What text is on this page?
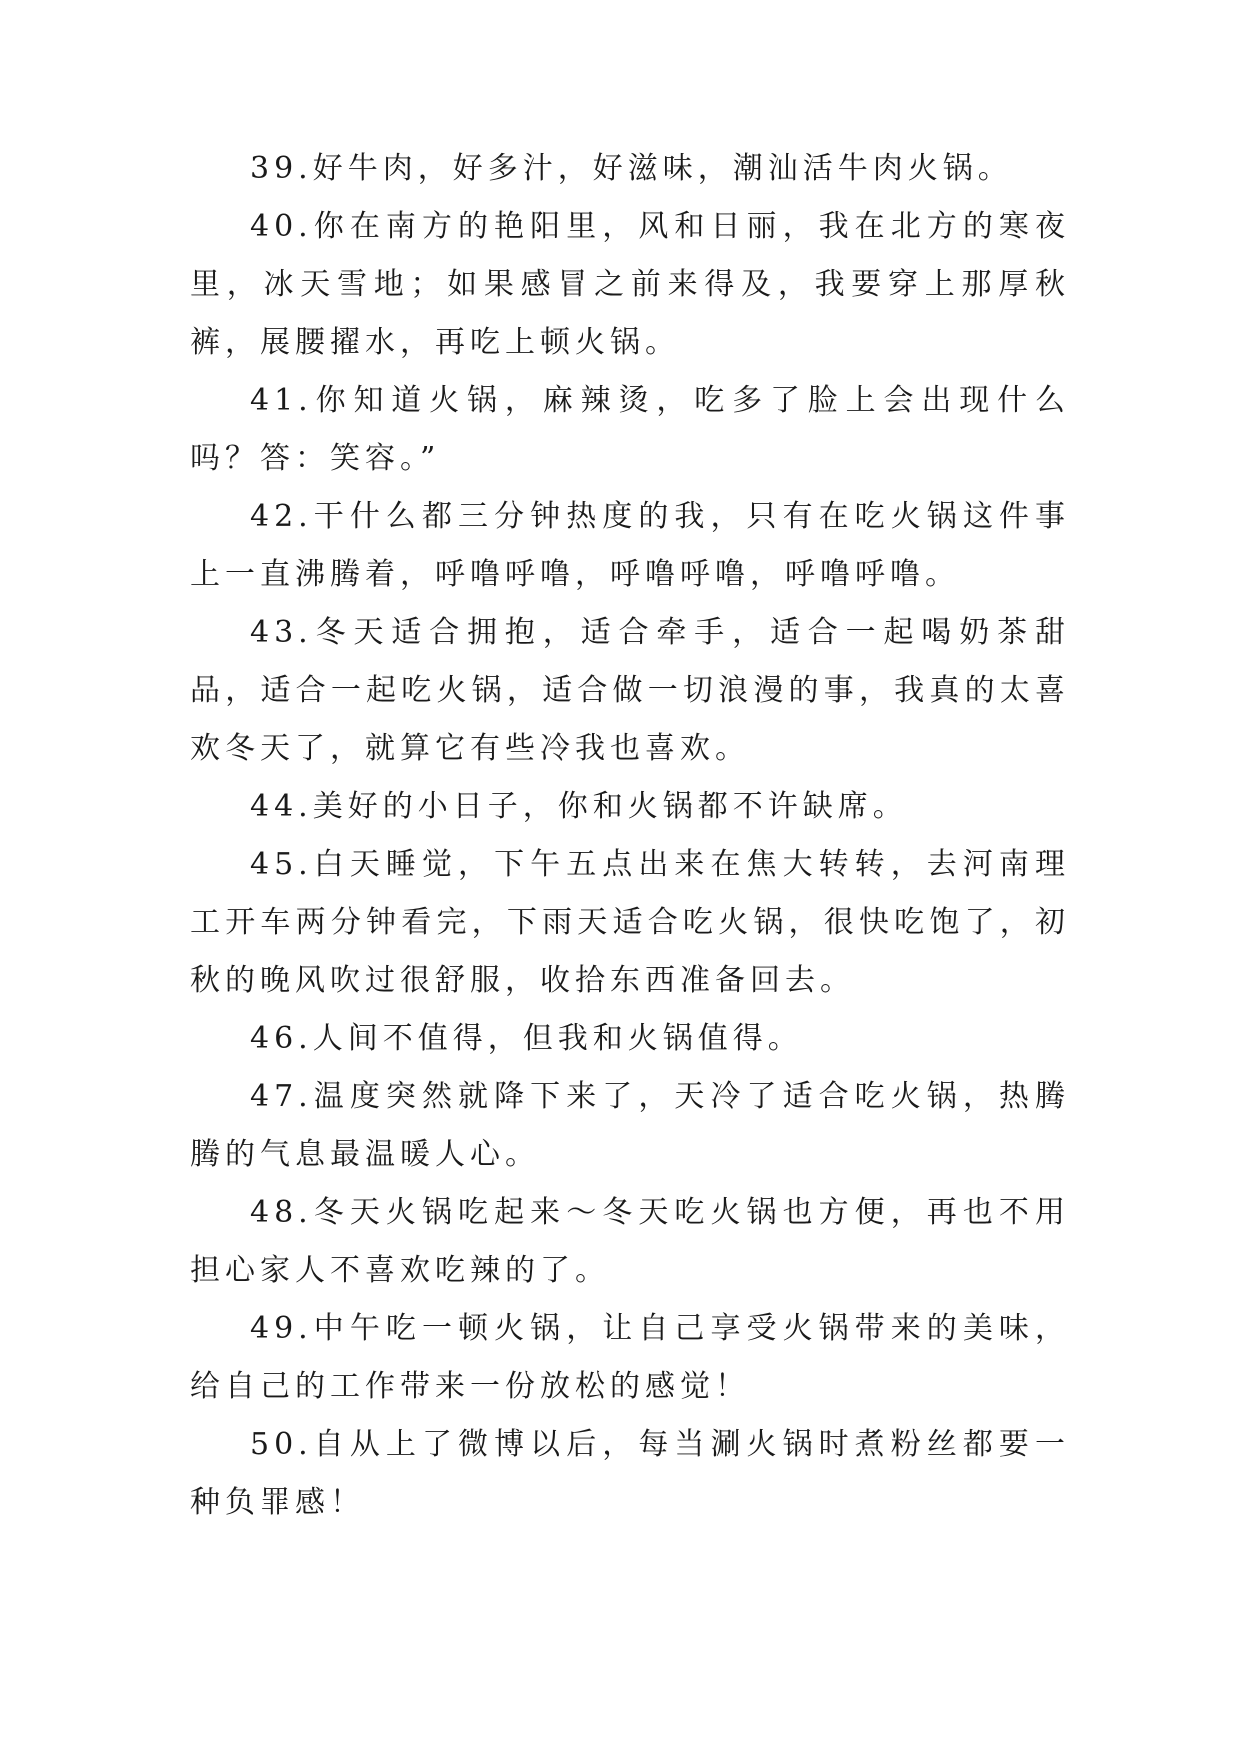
39.好牛肉，好多汁，好滋味，潮汕活牛肉火锅。

40.你在南方的艳阳里，风和日丽，我在北方的寒夜里，冰天雪地；如果感冒之前来得及，我要穿上那厚秋裤，展腰擢水，再吃上顿火锅。

41.你知道火锅，麻辣烫，吃多了脸上会出现什么吗？答：笑容。”

42.干什么都三分钟热度的我，只有在吃火锅这件事上一直沸腾着，呼噜呼噜，呼噜呼噜，呼噜呼噜。

43.冬天适合拥抱，适合牵手，适合一起喝奶茶甜品，适合一起吃火锅，适合做一切浪漫的事，我真的太喜欢冬天了，就算它有些冷我也喜欢。

44.美好的小日子，你和火锅都不许缺席。

45.白天睡觉，下午五点出来在焦大转转，去河南理工开车两分钟看完，下雨天适合吃火锅，很快吃饱了，初秋的晚风吹过很舒服，收拾东西准备回去。

46.人间不值得，但我和火锅值得。

47.温度突然就降下来了，天冷了适合吃火锅，热腾腾的气息最温暖人心。

48.冬天火锅吃起来～冬天吃火锅也方便，再也不用担心家人不喜欢吃辣的了。

49.中午吃一顿火锅，让自己享受火锅带来的美味，给自己的工作带来一份放松的感觉！

50.自从上了微博以后，每当涮火锅时煮粉丝都要一种负罪感！
